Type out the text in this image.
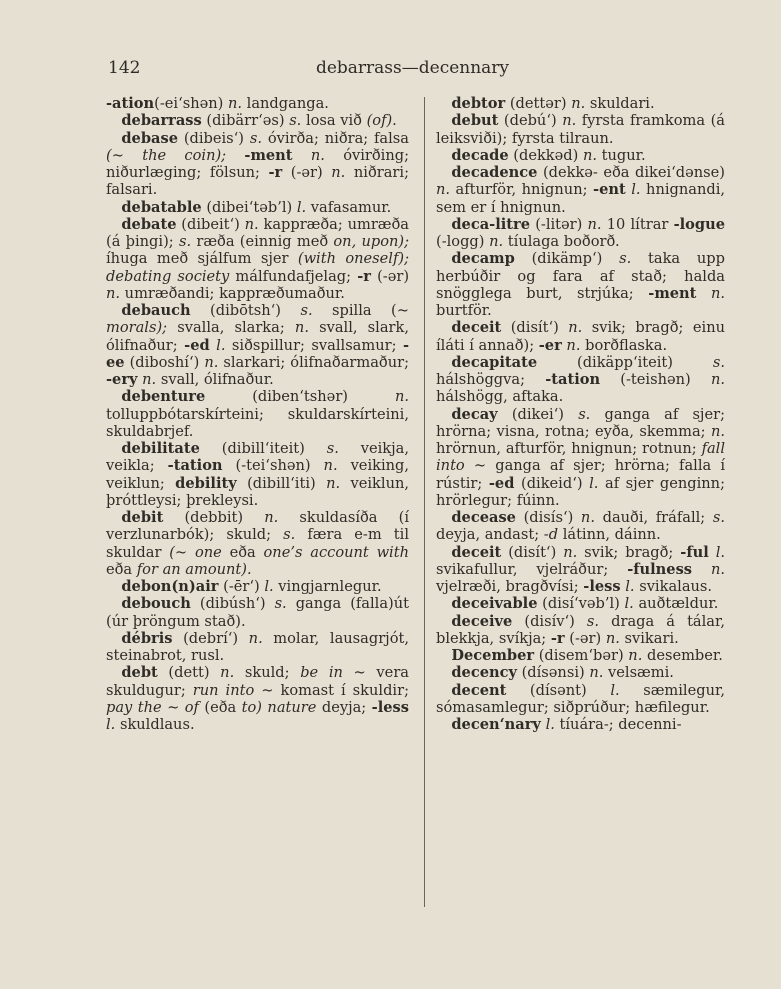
142	debarrass—decennary

-ation(-ei‘shən) n. landganga.

debarrass (dibärr‘əs) s. losa við (of).

debase (dibeis‘) s. óvirða; niðra; falsa (~ the coin); -ment n. óvirðing; niðurlæging; fölsun; -r (-ər) n. niðrari; falsari.

debatable (dibei‘təb’l) l. vafasamur.

debate (dibeit‘) n. kappræða; umræða (á þingi); s. ræða (einnig með on, upon); íhuga með sjálfum sjer (with oneself); debating society málfundafjelag; -r (-ər) n. umræðandi; kappræðumaður.

debauch (dibōtsh‘) s. spilla (~ morals); svalla, slarka; n. svall, slark, ólifnaður; -ed l. siðspillur; svallsamur; -ee (diboshí‘) n. slarkari; ólifnaðarmaður; -ery n. svall, ólifnaður.

debenture (diben‘tshər) n. tolluppbótarskírteini; skuldarskírteini, skuldabrjef.

debilitate (dibill‘iteit) s. veikja, veikla; -tation (-tei‘shən) n. veiking, veiklun; debility (dibill‘iti) n. veiklun, þróttleysi; þrekleysi.

debit (debbit) n. skuldasíða (í verzlunarbók); skuld; s. færa e-m til skuldar (~ one eða one’s account with eða for an amount).

debon(n)air (-ēr‘) l. vingjarnlegur.

debouch (dibúsh‘) s. ganga (falla)út (úr þröngum stað).

débris (debrí‘) n. molar, lausagrjót, steinabrot, rusl.

debt (dett) n. skuld; be in ~ vera skuldugur; run into ~ komast í skuldir; pay the ~ of (eða to) nature deyja; -less l. skuldlaus.

debtor (dettər) n. skuldari.

debut (debú‘) n. fyrsta framkoma (á leiksviði); fyrsta tilraun.

decade (dekkəd) n. tugur.

decadence (dekkə- eða dikei‘dənse) n. afturför, hnignun; -ent l. hnignandi, sem er í hnignun.

deca-litre (-litər) n. 10 lítrar -logue (-logg) n. tíulaga boðorð.

decamp (dikämp‘) s. taka upp herbúðir og fara af stað; halda snögglega burt, strjúka; -ment n. burtför.

deceit (disít‘) n. svik; bragð; einu íláti í annað); -er n. borðflaska.

decapitate (dikäpp‘iteit) s. hálshöggva; -tation (-teishən) n. hálshögg, aftaka.

decay (dikei‘) s. ganga af sjer; hrörna; visna, rotna; eyða, skemma; n. hrörnun, afturför, hnignun; rotnun; fall into ~ ganga af sjer; hrörna; falla í rústir; -ed (dikeid‘) l. af sjer genginn; hrörlegur; fúinn.

decease (disís‘) n. dauði, fráfall; s. deyja, andast; -d látinn, dáinn.

deceit (disít‘) n. svik; bragð; -ful l. svikafullur, vjelráður; -fulness n. vjelræði, bragðvísi; -less l. svikalaus.

deceivable (disí‘vəb’l) l. auðtældur.

deceive (disív‘) s. draga á tálar, blekkja, svíkja; -r (-ər) n. svikari.

December (disem‘bər) n. desember.

decency (dísənsi) n. velsæmi.

decent (dísənt) l. sæmilegur, sómasamlegur; siðprúður; hæfilegur.

decen‘nary l. tíuára-; decenni-
